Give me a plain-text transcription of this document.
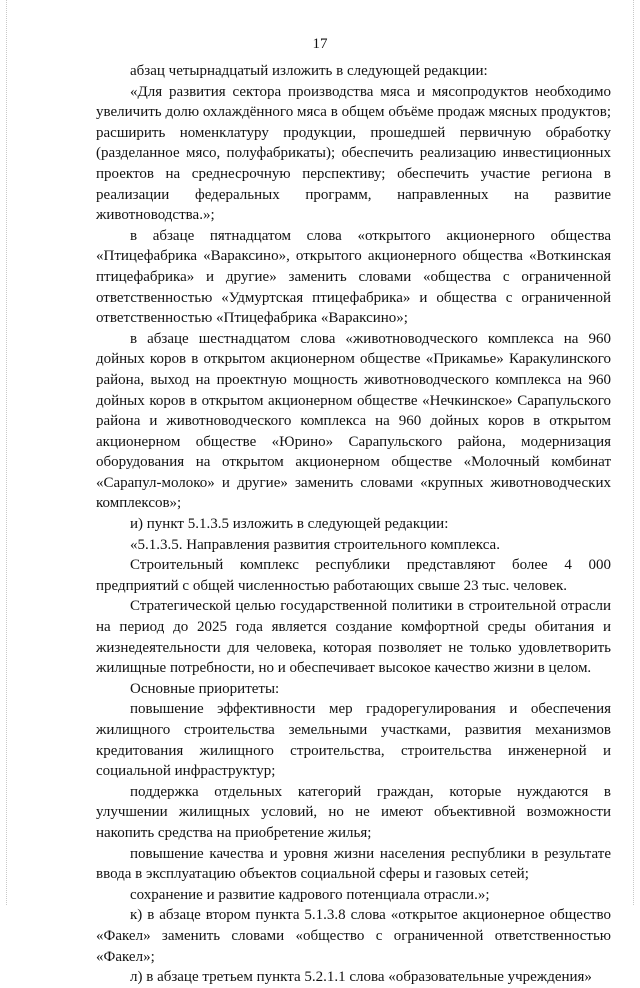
17

абзац четырнадцатый изложить в следующей редакции:

«Для развития сектора производства мяса и мясопродуктов необходимо увеличить долю охлаждённого мяса в общем объёме продаж мясных продуктов; расширить номенклатуру продукции, прошедшей первичную обработку (разделанное мясо, полуфабрикаты); обеспечить реализацию инвестиционных проектов на среднесрочную перспективу; обеспечить участие региона в реализации федеральных программ, направленных на развитие животноводства.»;

в абзаце пятнадцатом слова «открытого акционерного общества «Птицефабрика «Вараксино», открытого акционерного общества «Воткинская птицефабрика» и другие» заменить словами «общества с ограниченной ответственностью «Удмуртская птицефабрика» и общества с ограниченной ответственностью «Птицефабрика «Вараксино»;

в абзаце шестнадцатом слова «животноводческого комплекса на 960 дойных коров в открытом акционерном обществе «Прикамье» Каракулинского района, выход на проектную мощность животноводческого комплекса на 960 дойных коров в открытом акционерном обществе «Нечкинское» Сарапульского района и животноводческого комплекса на 960 дойных коров в открытом акционерном обществе «Юрино» Сарапульского района, модернизация оборудования на открытом акционерном обществе «Молочный комбинат «Сарапул-молоко» и другие» заменить словами «крупных животноводческих комплексов»;

и) пункт 5.1.3.5 изложить в следующей редакции:

«5.1.3.5. Направления развития строительного комплекса.

Строительный комплекс республики представляют более 4 000 предприятий с общей численностью работающих свыше 23 тыс. человек.

Стратегической целью государственной политики в строительной отрасли на период до 2025 года является создание комфортной среды обитания и жизнедеятельности для человека, которая позволяет не только удовлетворить жилищные потребности, но и обеспечивает высокое качество жизни в целом.

Основные приоритеты:

повышение эффективности мер градорегулирования и обеспечения жилищного строительства земельными участками, развития механизмов кредитования жилищного строительства, строительства инженерной и социальной инфраструктур;

поддержка отдельных категорий граждан, которые нуждаются в улучшении жилищных условий, но не имеют объективной возможности накопить средства на приобретение жилья;

повышение качества и уровня жизни населения республики в результате ввода в эксплуатацию объектов социальной сферы и газовых сетей;

сохранение и развитие кадрового потенциала отрасли.»;

к) в абзаце втором пункта 5.1.3.8 слова «открытое акционерное общество «Факел» заменить словами «общество с ограниченной ответственностью «Факел»;

л) в абзаце третьем пункта 5.2.1.1 слова «образовательные учреждения»
